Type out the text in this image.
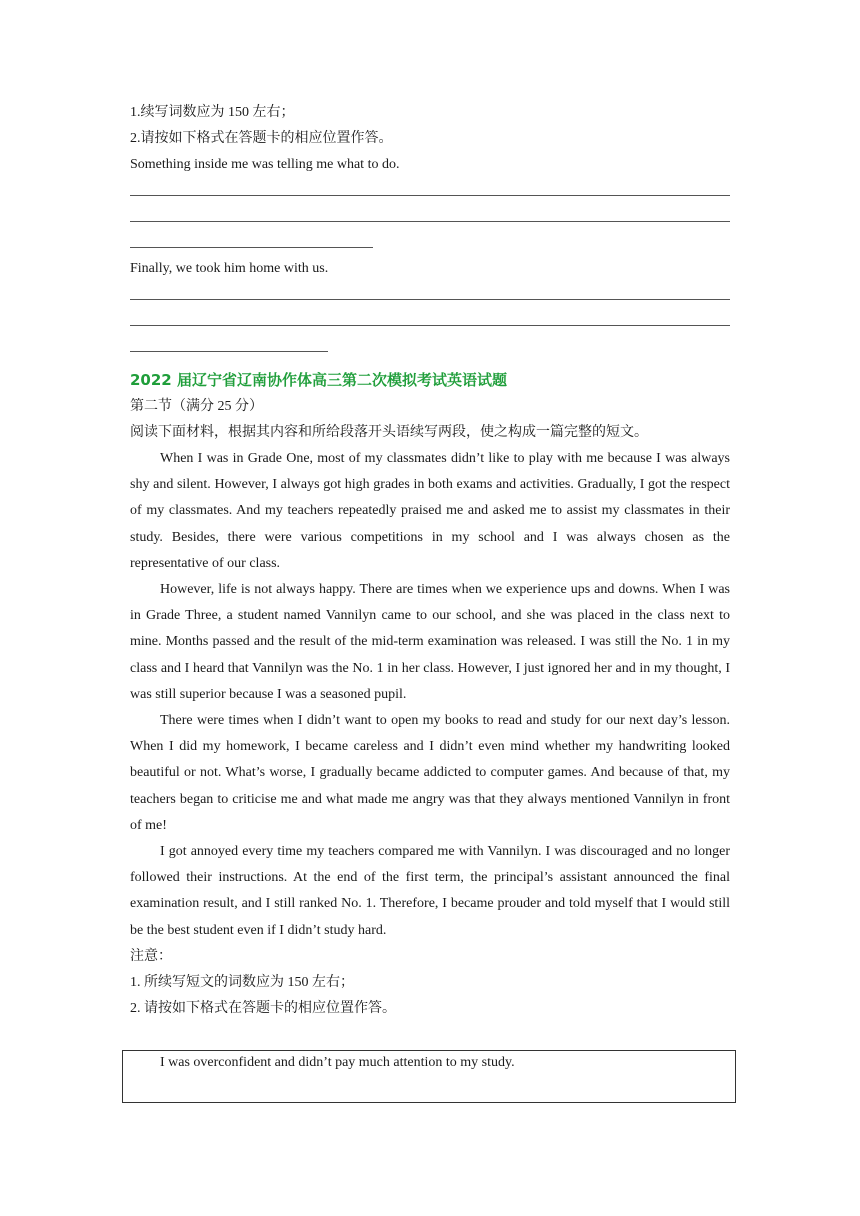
1.续写词数应为 150 左右；
2.请按如下格式在答题卡的相应位置作答。
Something inside me was telling me what to do.
Finally, we took him home with us.
2022 届辽宁省辽南协作体高三第二次模拟考试英语试题
第二节（满分 25 分）
阅读下面材料，根据其内容和所给段落开头语续写两段，使之构成一篇完整的短文。
When I was in Grade One, most of my classmates didn’t like to play with me because I was always shy and silent. However, I always got high grades in both exams and activities. Gradually, I got the respect of my classmates. And my teachers repeatedly praised me and asked me to assist my classmates in their study. Besides, there were various competitions in my school and I was always chosen as the representative of our class.
However, life is not always happy. There are times when we experience ups and downs. When I was in Grade Three, a student named Vannilyn came to our school, and she was placed in the class next to mine. Months passed and the result of the mid-term examination was released. I was still the No. 1 in my class and I heard that Vannilyn was the No. 1 in her class. However, I just ignored her and in my thought, I was still superior because I was a seasoned pupil.
There were times when I didn’t want to open my books to read and study for our next day’s lesson. When I did my homework, I became careless and I didn’t even mind whether my handwriting looked beautiful or not. What’s worse, I gradually became addicted to computer games. And because of that, my teachers began to criticise me and what made me angry was that they always mentioned Vannilyn in front of me!
I got annoyed every time my teachers compared me with Vannilyn. I was discouraged and no longer followed their instructions. At the end of the first term, the principal’s assistant announced the final examination result, and I still ranked No. 1. Therefore, I became prouder and told myself that I would still be the best student even if I didn’t study hard.
注意：
1. 所续写短文的词数应为 150 左右；
2. 请按如下格式在答题卡的相应位置作答。
I was overconfident and didn’t pay much attention to my study.
